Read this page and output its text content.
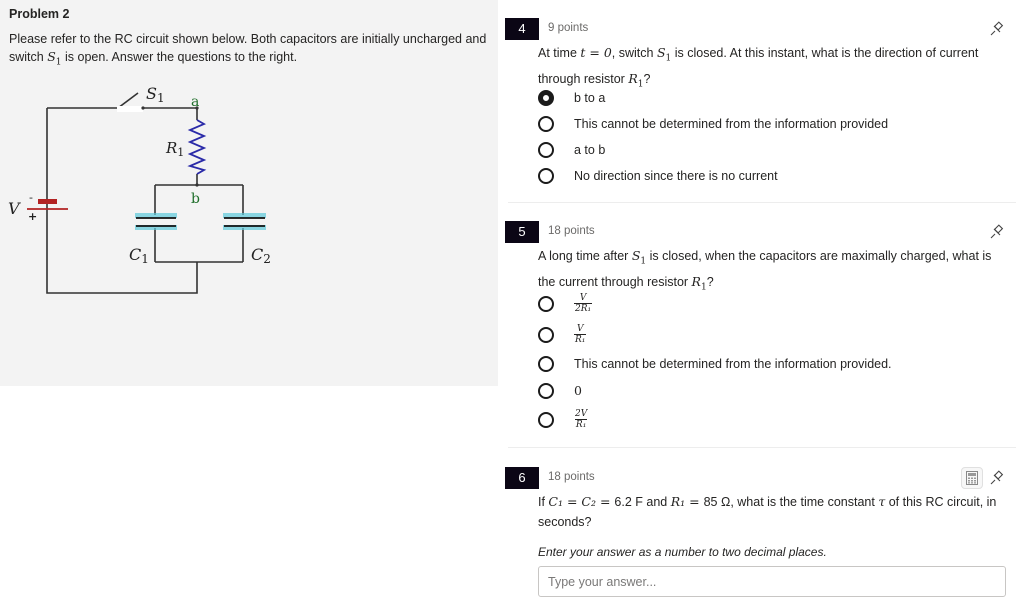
Problem 2
Please refer to the RC circuit shown below. Both capacitors are initially uncharged and switch $S_1$ is open. Answer the questions to the right.
S1 a
b
$R_1$
V
-
+
C1	C2
4	9 points
At time t = 0, switch $S_1$ is closed. At this instant, what is the direction of current through resistor $R_1$?
b to a
This cannot be determined from the information provided
a to b
No direction since there is no current
5	18 points
A long time after $S_1$ is closed, when the capacitors are maximally charged, what is the current through resistor $R_1$?
$\frac{V}{\text{2R₁}}$
$\frac{V}{\text{R₁}}$
This cannot be determined from the information provided.
0
$\frac{2V}{\text{R₁}}$
6	18 points
If C₁ = C₂ = 6.2 F and R₁ = 85 Ω, what is the time constant τ of this RC circuit, in seconds?
Enter your answer as a number to two decimal places.
Type your answer...
